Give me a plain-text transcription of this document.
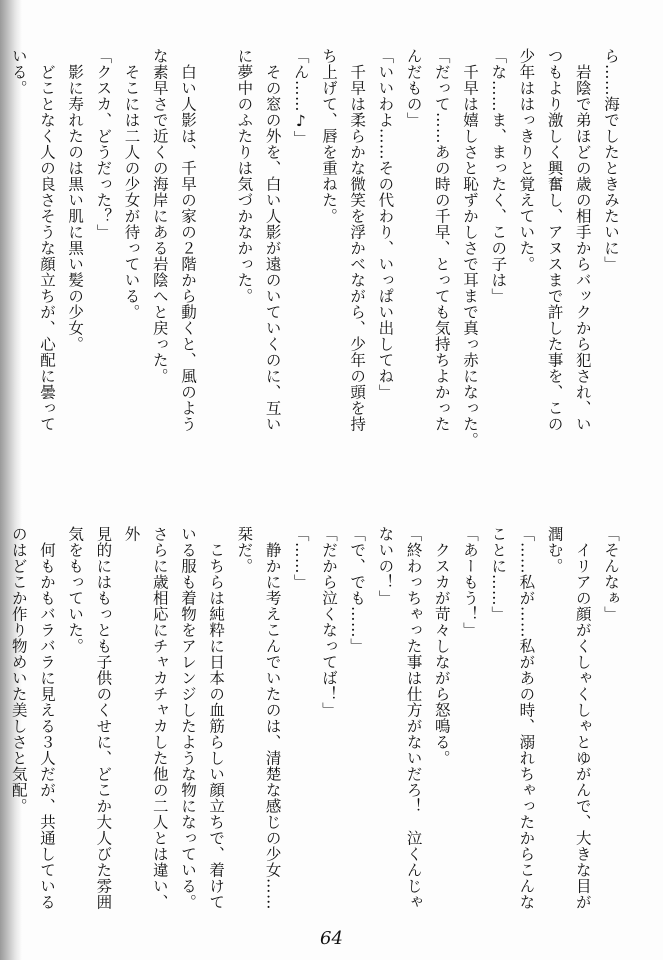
ら……海でしたときみたいに」
　岩陰で弟ほどの歳の相手からバックから犯され、い
つもより激しく興奮し、アヌスまで許した事を、この
少年ははっきりと覚えていた。
「な……ま、まったく、この子は」
　千早は嬉しさと恥ずかしさで耳まで真っ赤になった。
「だって……あの時の千早、とっても気持ちよかった
んだもの」
「いいわよ……その代わり、いっぱい出してね」
　千早は柔らかな微笑を浮かべながら、少年の頭を持
ち上げて、唇を重ねた。
「ん……♪」
　その窓の外を、白い人影が遠のいていくのに、互い
に夢中のふたりは気づかなかった。

　白い人影は、千早の家の２階から動くと、風のよう
な素早さで近くの海岸にある岩陰へと戻った。
　そこには二人の少女が待っている。
「クスカ、どうだった？」
　影に寿れたのは黒い肌に黒い髪の少女。
　どことなく人の良さそうな顔立ちが、心配に曇って
いる。
「そんなぁ」
　イリアの顔がくしゃくしゃとゆがんで、大きな目が
潤む。
「……私が……私があの時、溺れちゃったからこんな
ことに……」
「あーもう！」
　クスカが苛々しながら怒鳴る。
「終わっちゃった事は仕方がないだろ！　泣くんじゃ
ないの！」
「で、でも……」
「だから泣くなってば！」
「……」
　静かに考えこんでいたのは、清楚な感じの少女……栞だ。
　こちらは純粋に日本の血筋らしい顔立ちで、着けて
いる服も着物をアレンジしたような物になっている。
さらに歳相応にチャカチャカした他の二人とは違い、外
見的にはもっとも子供のくせに、どこか大人びた雰囲
気をもっていた。
　何もかもバラバラに見える３人だが、共通している
のはどこか作り物めいた美しさと気配。
64
